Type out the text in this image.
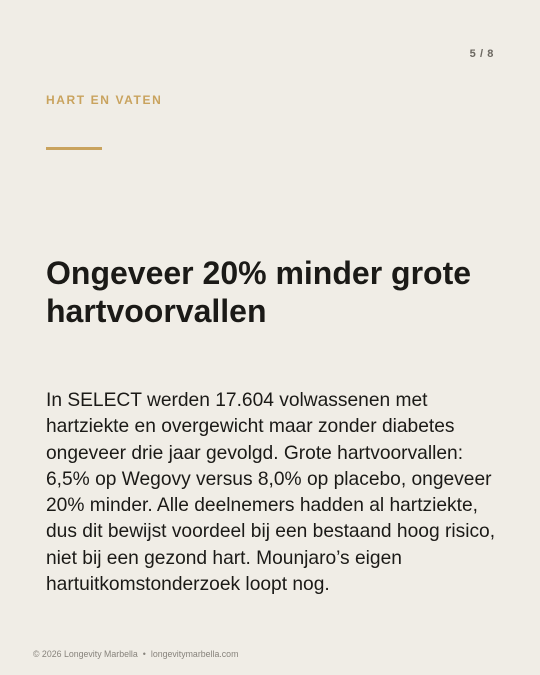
5 / 8
HART EN VATEN
Ongeveer 20% minder grote hartvoorvallen

In SELECT werden 17.604 volwassenen met hartziekte en overgewicht maar zonder diabetes ongeveer drie jaar gevolgd. Grote hartvoorvallen: 6,5% op Wegovy versus 8,0% op placebo, ongeveer 20% minder. Alle deelnemers hadden al hartziekte, dus dit bewijst voordeel bij een bestaand hoog risico, niet bij een gezond hart. Mounjaro’s eigen hartuitkomstonderzoek loopt nog.

© 2026 Longevity Marbella • longevitymarbella.com
